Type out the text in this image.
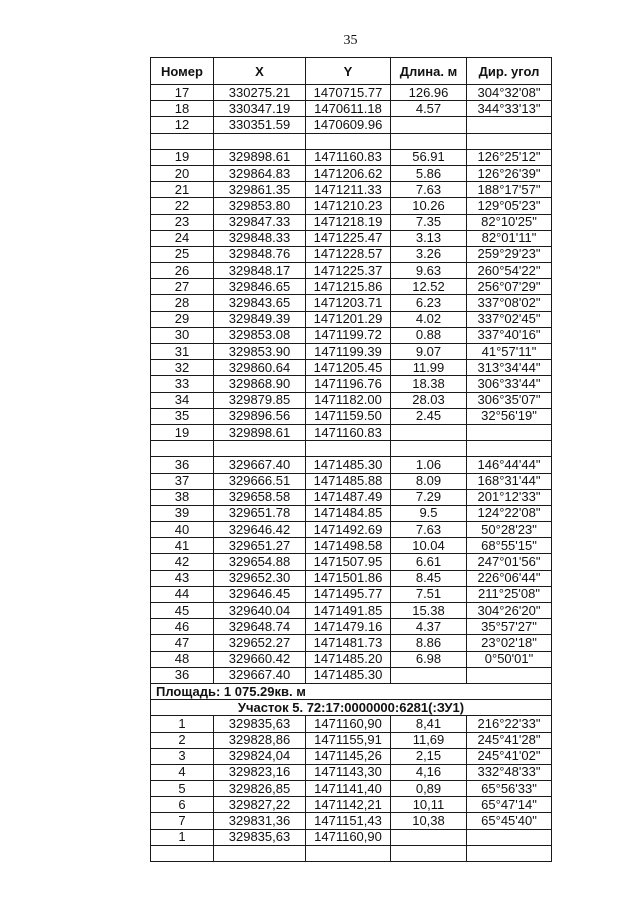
35
Номер	X	Y	Длина. м	Дир. угол
17	330275.21	1470715.77	126.96	304°32'08"
18	330347.19	1470611.18	4.57	344°33'13"
12	330351.59	1470609.96		

19	329898.61	1471160.83	56.91	126°25'12"
20	329864.83	1471206.62	5.86	126°26'39"
21	329861.35	1471211.33	7.63	188°17'57"
22	329853.80	1471210.23	10.26	129°05'23"
23	329847.33	1471218.19	7.35	82°10'25"
24	329848.33	1471225.47	3.13	82°01'11"
25	329848.76	1471228.57	3.26	259°29'23"
26	329848.17	1471225.37	9.63	260°54'22"
27	329846.65	1471215.86	12.52	256°07'29"
28	329843.65	1471203.71	6.23	337°08'02"
29	329849.39	1471201.29	4.02	337°02'45"
30	329853.08	1471199.72	0.88	337°40'16"
31	329853.90	1471199.39	9.07	41°57'11"
32	329860.64	1471205.45	11.99	313°34'44"
33	329868.90	1471196.76	18.38	306°33'44"
34	329879.85	1471182.00	28.03	306°35'07"
35	329896.56	1471159.50	2.45	32°56'19"
19	329898.61	1471160.83		

36	329667.40	1471485.30	1.06	146°44'44"
37	329666.51	1471485.88	8.09	168°31'44"
38	329658.58	1471487.49	7.29	201°12'33"
39	329651.78	1471484.85	9.5	124°22'08"
40	329646.42	1471492.69	7.63	50°28'23"
41	329651.27	1471498.58	10.04	68°55'15"
42	329654.88	1471507.95	6.61	247°01'56"
43	329652.30	1471501.86	8.45	226°06'44"
44	329646.45	1471495.77	7.51	211°25'08"
45	329640.04	1471491.85	15.38	304°26'20"
46	329648.74	1471479.16	4.37	35°57'27"
47	329652.27	1471481.73	8.86	23°02'18"
48	329660.42	1471485.20	6.98	0°50'01"
36	329667.40	1471485.30		
Площадь: 1 075.29кв. м				
Участок 5. 72:17:0000000:6281(:ЗУ1)				
1	329835,63	1471160,90	8,41	216°22'33"
2	329828,86	1471155,91	11,69	245°41'28"
3	329824,04	1471145,26	2,15	245°41'02"
4	329823,16	1471143,30	4,16	332°48'33"
5	329826,85	1471141,40	0,89	65°56'33"
6	329827,22	1471142,21	10,11	65°47'14"
7	329831,36	1471151,43	10,38	65°45'40"
1	329835,63	1471160,90		
